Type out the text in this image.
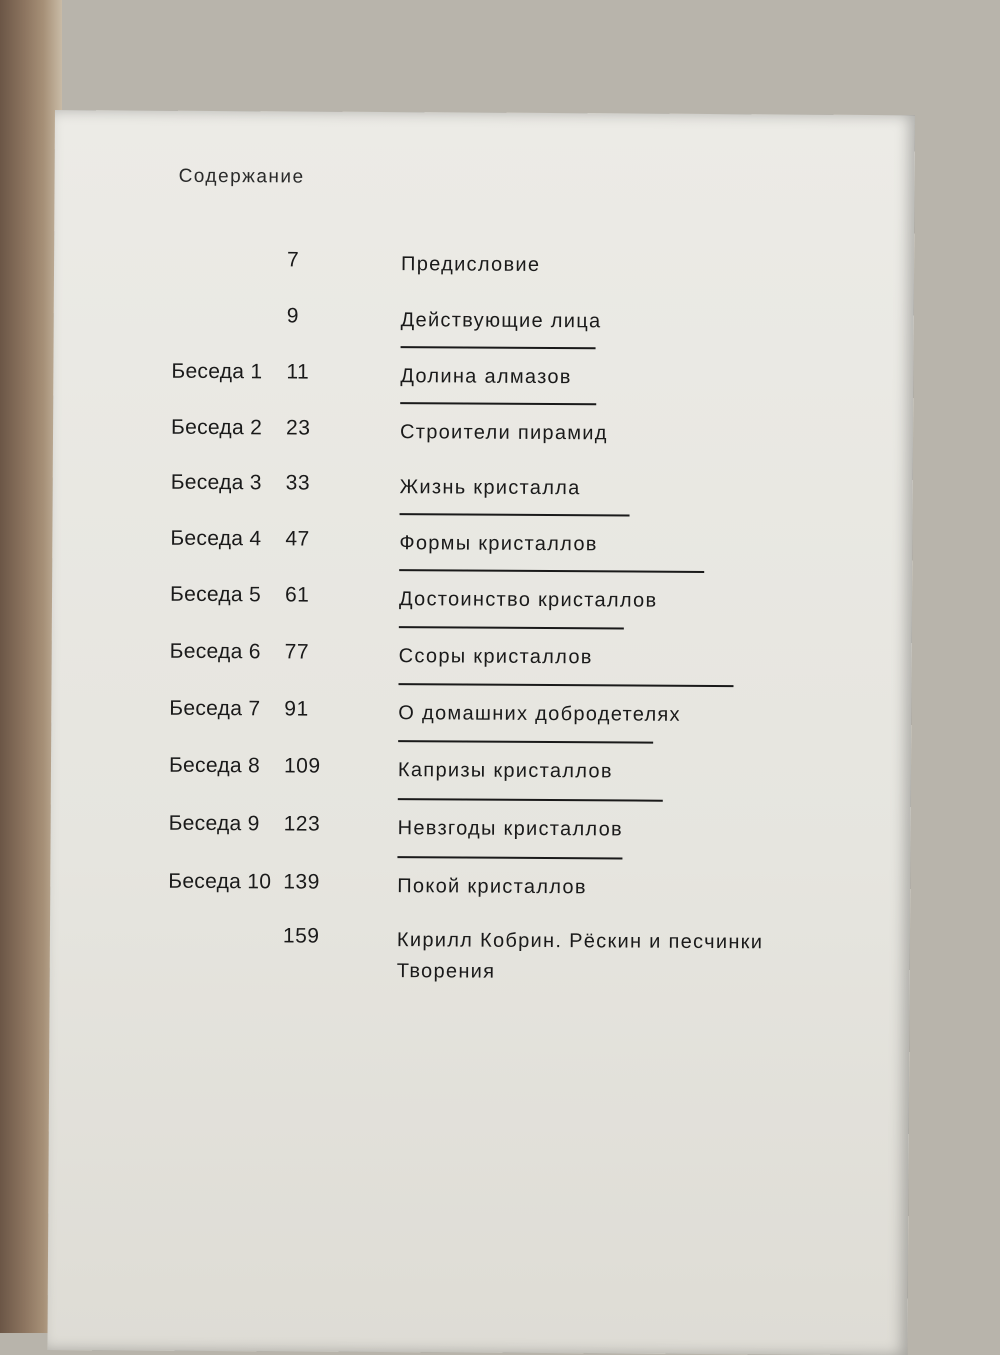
Содержание
7	Предисловие
9	Действующие лица
Беседа 1 11	Долина алмазов
Беседа 2 23	Строители пирамид
Беседа 3 33	Жизнь кристалла
Беседа 4 47	Формы кристаллов
Беседа 5 61	Достоинство кристаллов
Беседа 6 77	Ссоры кристаллов
Беседа 7 91	О домашних добродетелях
Беседа 8 109	Капризы кристаллов
Беседа 9 123	Невзгоды кристаллов
Беседа 10 139	Покой кристаллов
159	Кирилл Кобрин. Рёскин и песчинки Творения
